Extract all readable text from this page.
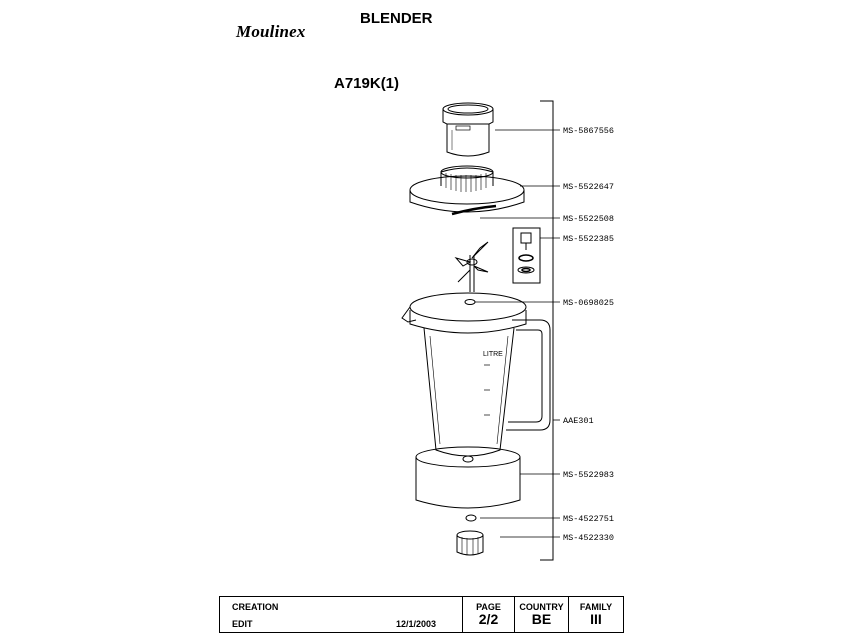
Moulinex
BLENDER
A719K(1)
LITRE
MS-5867556
MS-5522647
MS-5522508
MS-5522385
MS-0698025
AAE301
MS-5522983
MS-4522751
MS-4522330
CREATION
EDIT	12/1/2003
PAGE
2/2
COUNTRY
BE
FAMILY
III
